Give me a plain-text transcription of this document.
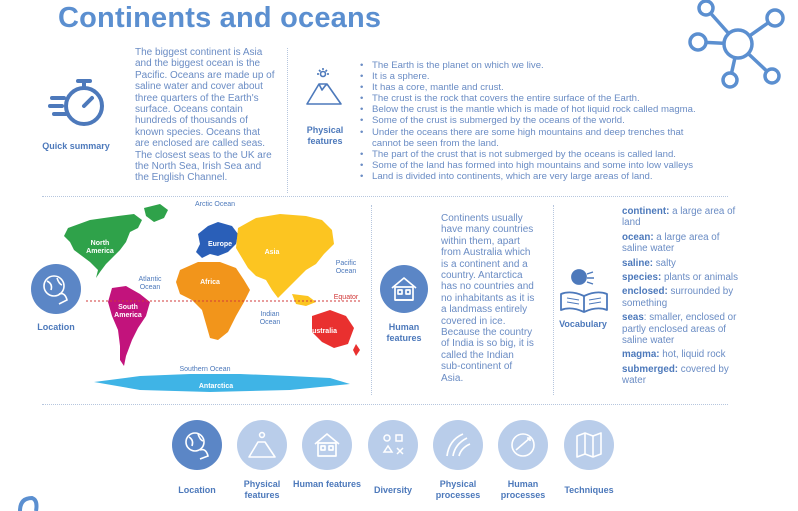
Continents and oceans
Quick summary
The biggest continent is Asia
and the biggest ocean is the
Pacific. Oceans are made up of
saline water and cover about
three quarters of the Earth's
surface. Oceans contain
hundreds of thousands of
known species. Oceans that
are enclosed are called seas.
The closest seas to the UK are
the North Sea, Irish Sea and
the English Channel.
Physical
features
• The Earth is the planet on which we live.
• It is a sphere.
• It has a core, mantle and crust.
• The crust is the rock that covers the entire surface of the Earth.
• Below the crust is the mantle which is made of hot liquid rock called magma.
• Some of the crust is submerged by the oceans of the world.
• Under the oceans there are some high mountains and deep trenches that
cannot be seen from the land.
• The part of the crust that is not submerged by the oceans is called land.
• Some of the land has formed into high mountains and some into low valleys
• Land is divided into continents, which are very large areas of land.
Location
Arctic Ocean
North
America
Europe
Asia
Pacific
Ocean
Atlantic
Ocean
Africa
Equator
South
America	Indian
Ocean
Australia
Southern Ocean
Antarctica
Human
features
Continents usually
have many countries
within them, apart
from Australia which
is a continent and a
country. Antarctica
has no countries and
no inhabitants as it is
a landmass entirely
covered in ice.
Because the country
of India is so big, it is
called the Indian
sub-continent of
Asia.
Vocabulary
continent: a large area of land
ocean: a large area of saline water
saline: salty
species: plants or animals
enclosed: surrounded by something
seas: smaller, enclosed or partly enclosed areas of saline water
magma: hot, liquid rock
submerged: covered by water
Location
Physical features
Human features
Diversity
Physical processes
Human processes	Techniques
